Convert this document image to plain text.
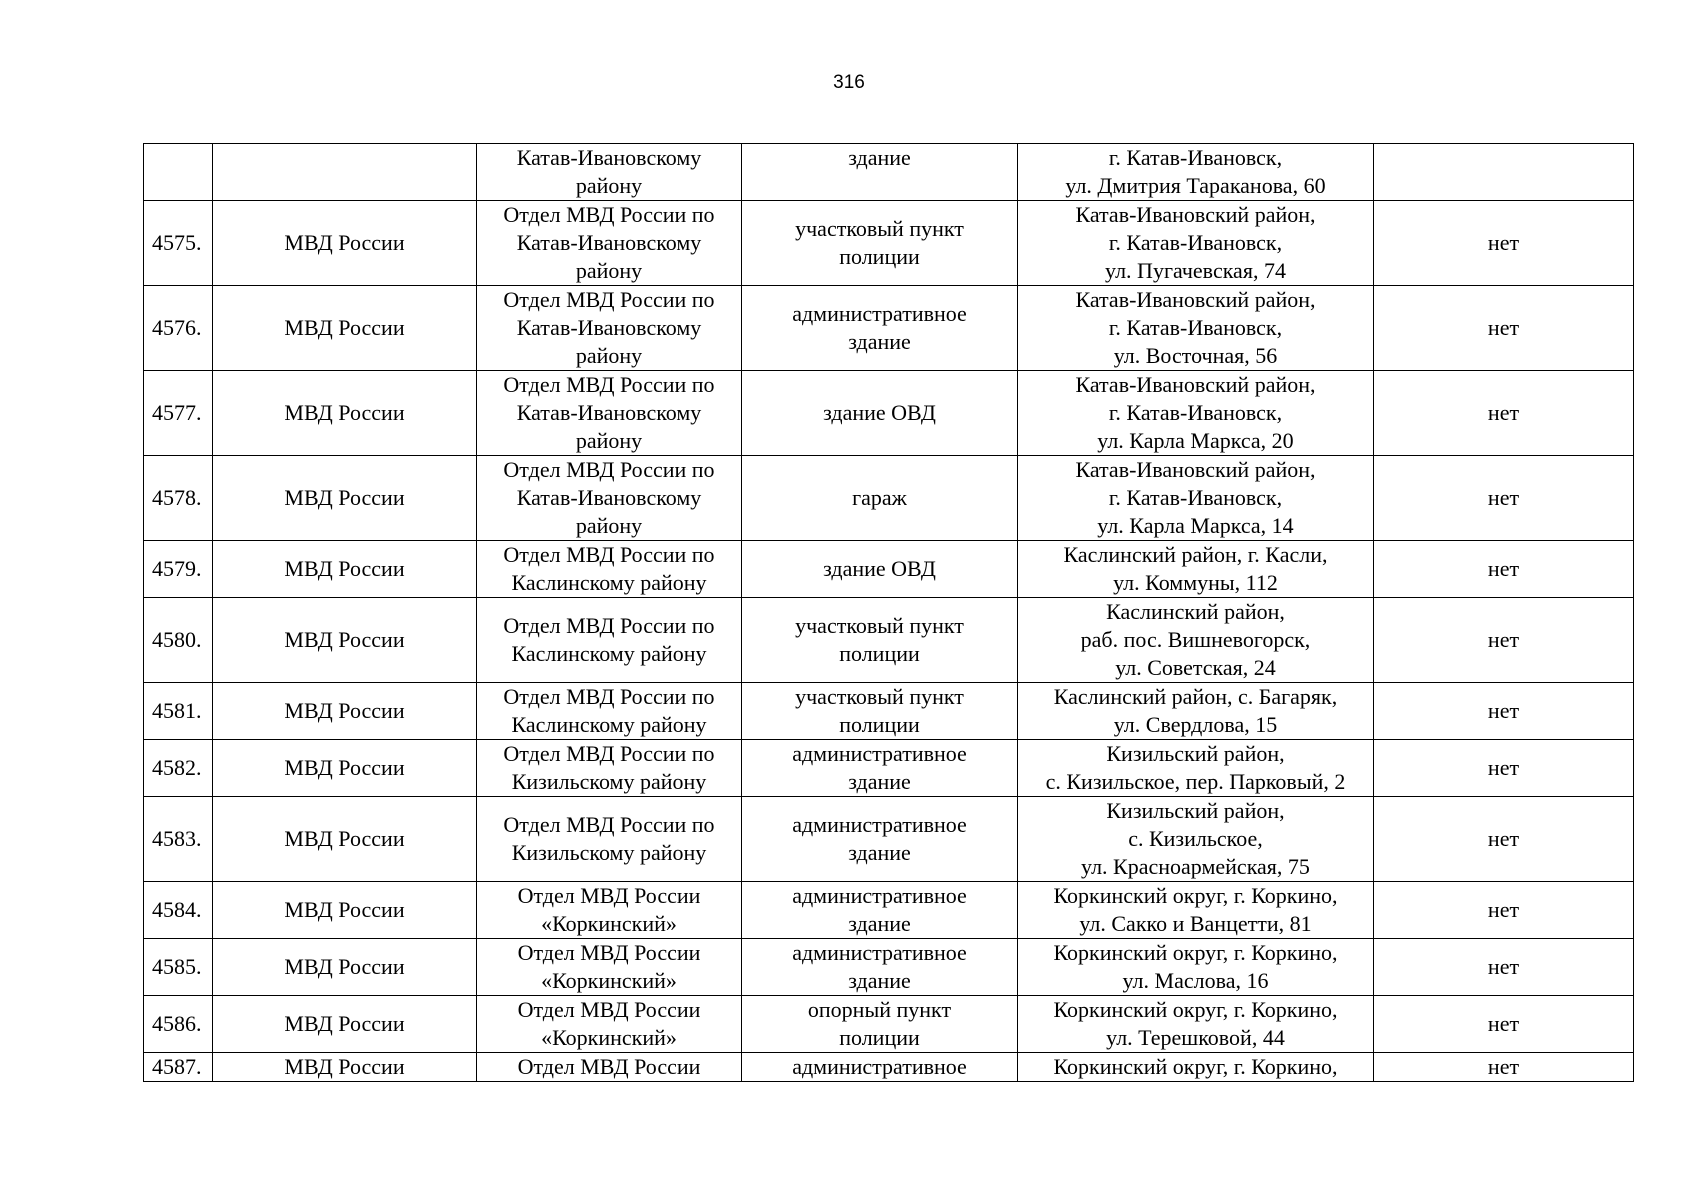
316
		Катав-Ивановскому
району	здание	г. Катав-Ивановск,
ул. Дмитрия Тараканова, 60	
4575.	МВД России	Отдел МВД России по
Катав-Ивановскому
району	участковый пункт
полиции	Катав-Ивановский район,
г. Катав-Ивановск,
ул. Пугачевская, 74	нет
4576.	МВД России	Отдел МВД России по
Катав-Ивановскому
району	административное
здание	Катав-Ивановский район,
г. Катав-Ивановск,
ул. Восточная, 56	нет
4577.	МВД России	Отдел МВД России по
Катав-Ивановскому
району	здание ОВД	Катав-Ивановский район,
г. Катав-Ивановск,
ул. Карла Маркса, 20	нет
4578.	МВД России	Отдел МВД России по
Катав-Ивановскому
району	гараж	Катав-Ивановский район,
г. Катав-Ивановск,
ул. Карла Маркса, 14	нет
4579.	МВД России	Отдел МВД России по
Каслинскому району	здание ОВД	Каслинский район, г. Касли,
ул. Коммуны, 112	нет
4580.	МВД России	Отдел МВД России по
Каслинскому району	участковый пункт
полиции	Каслинский район,
раб. пос. Вишневогорск,
ул. Советская, 24	нет
4581.	МВД России	Отдел МВД России по
Каслинскому району	участковый пункт
полиции	Каслинский район, с. Багаряк,
ул. Свердлова, 15	нет
4582.	МВД России	Отдел МВД России по
Кизильскому району	административное
здание	Кизильский район,
с. Кизильское, пер. Парковый, 2	нет
4583.	МВД России	Отдел МВД России по
Кизильскому району	административное
здание	Кизильский район,
с. Кизильское,
ул. Красноармейская, 75	нет
4584.	МВД России	Отдел МВД России
«Коркинский»	административное
здание	Коркинский округ, г. Коркино,
ул. Сакко и Ванцетти, 81	нет
4585.	МВД России	Отдел МВД России
«Коркинский»	административное
здание	Коркинский округ, г. Коркино,
ул. Маслова, 16	нет
4586.	МВД России	Отдел МВД России
«Коркинский»	опорный пункт
полиции	Коркинский округ, г. Коркино,
ул. Терешковой, 44	нет
4587.	МВД России	Отдел МВД России	административное	Коркинский округ, г. Коркино,	нет
